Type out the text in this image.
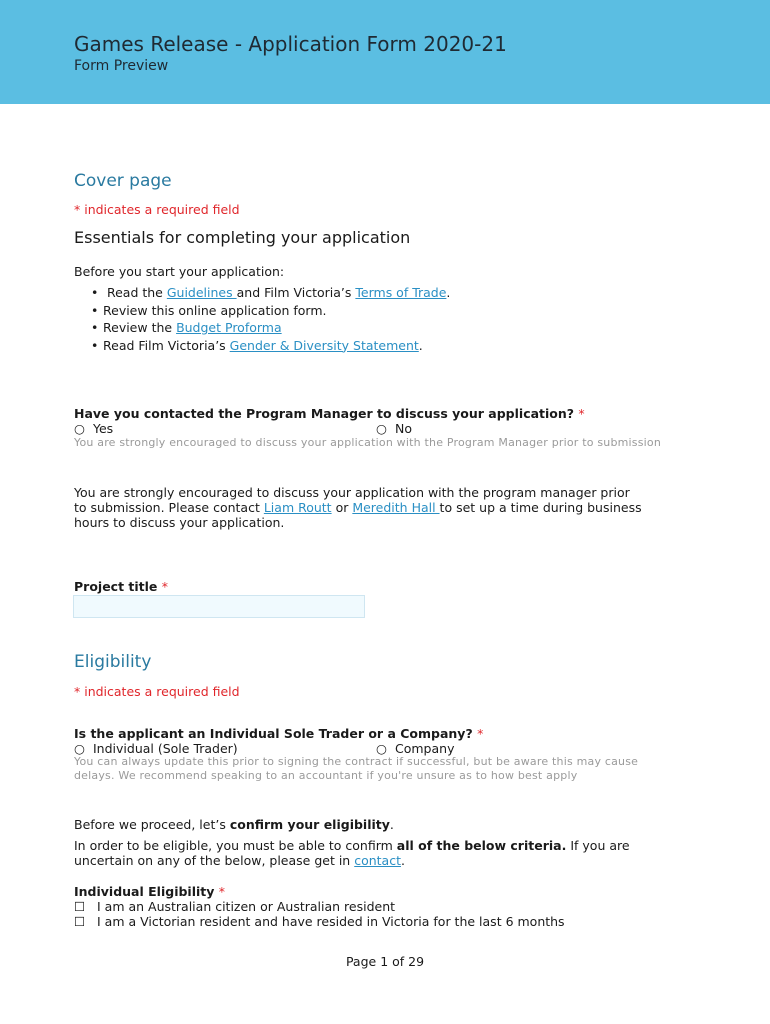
Games Release - Application Form 2020-21
Form Preview
Cover page
* indicates a required field
Essentials for completing your application
Before you start your application:
• Read the Guidelines and Film Victoria’s Terms of Trade.
• Review this online application form.
• Review the Budget Proforma
• Read Film Victoria’s Gender & Diversity Statement.
Have you contacted the Program Manager to discuss your application? *
○ Yes	○ No
You are strongly encouraged to discuss your application with the Program Manager prior to submission
You are strongly encouraged to discuss your application with the program manager prior
to submission. Please contact Liam Routt or Meredith Hall to set up a time during business
hours to discuss your application.
Project title *
Eligibility
* indicates a required field
Is the applicant an Individual Sole Trader or a Company? *
○ Individual (Sole Trader)	○ Company
You can always update this prior to signing the contract if successful, but be aware this may cause
delays. We recommend speaking to an accountant if you're unsure as to how best apply
Before we proceed, let’s confirm your eligibility.
In order to be eligible, you must be able to confirm all of the below criteria. If you are
uncertain on any of the below, please get in contact.
Individual Eligibility *
☐ I am an Australian citizen or Australian resident
☐ I am a Victorian resident and have resided in Victoria for the last 6 months
Page 1 of 29
